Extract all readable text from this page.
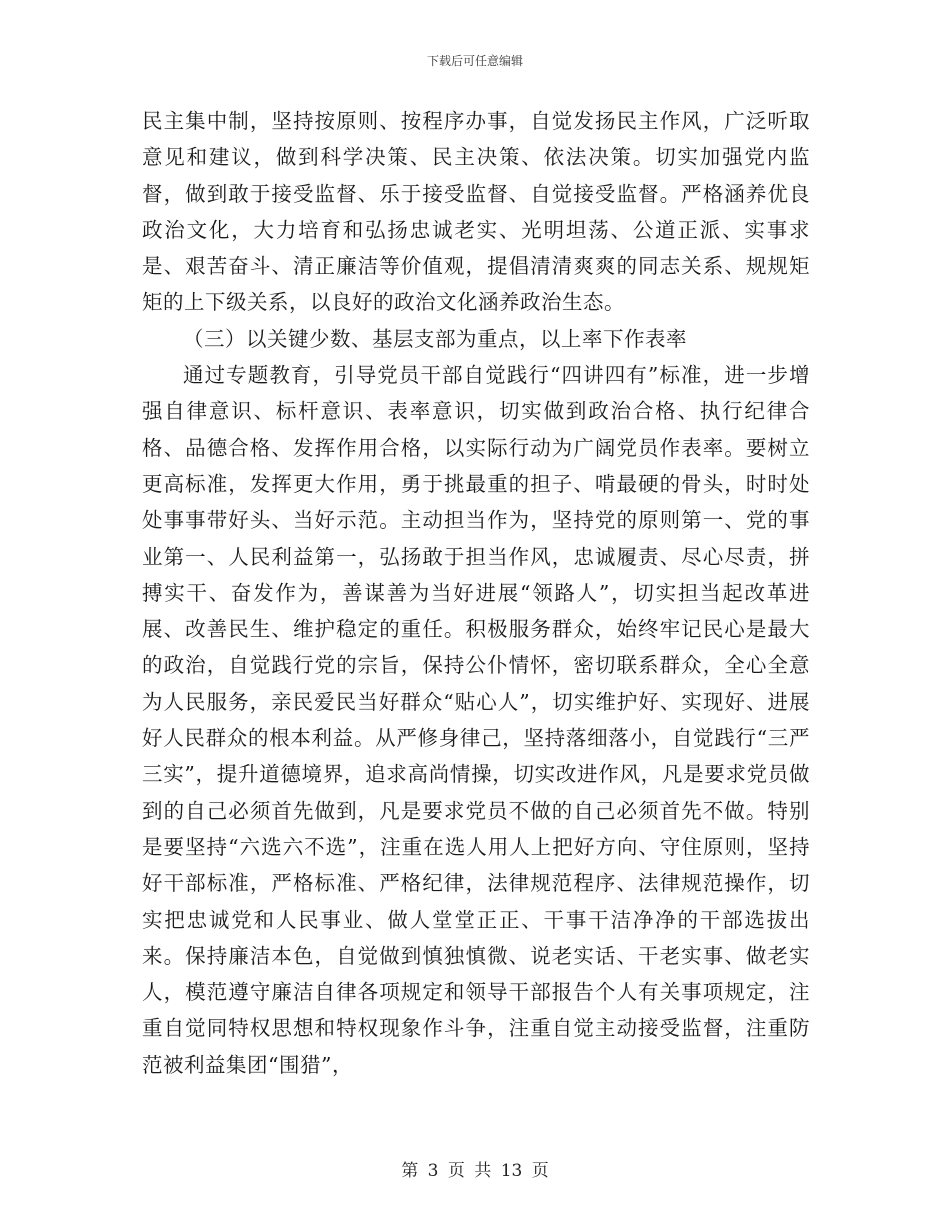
下载后可任意编辑

民主集中制，坚持按原则、按程序办事，自觉发扬民主作风，广泛听取意见和建议，做到科学决策、民主决策、依法决策。切实加强党内监督，做到敢于接受监督、乐于接受监督、自觉接受监督。严格涵养优良政治文化，大力培育和弘扬忠诚老实、光明坦荡、公道正派、实事求是、艰苦奋斗、清正廉洁等价值观，提倡清清爽爽的同志关系、规规矩矩的上下级关系，以良好的政治文化涵养政治生态。

（三）以关键少数、基层支部为重点，以上率下作表率

通过专题教育，引导党员干部自觉践行“四讲四有”标准，进一步增强自律意识、标杆意识、表率意识，切实做到政治合格、执行纪律合格、品德合格、发挥作用合格，以实际行动为广阔党员作表率。要树立更高标准，发挥更大作用，勇于挑最重的担子、啃最硬的骨头，时时处处事事带好头、当好示范。主动担当作为，坚持党的原则第一、党的事业第一、人民利益第一，弘扬敢于担当作风，忠诚履责、尽心尽责，拼搏实干、奋发作为，善谋善为当好进展“领路人”，切实担当起改革进展、改善民生、维护稳定的重任。积极服务群众，始终牢记民心是最大的政治，自觉践行党的宗旨，保持公仆情怀，密切联系群众，全心全意为人民服务，亲民爱民当好群众“贴心人”，切实维护好、实现好、进展好人民群众的根本利益。从严修身律己，坚持落细落小，自觉践行“三严三实”，提升道德境界，追求高尚情操，切实改进作风，凡是要求党员做到的自己必须首先做到，凡是要求党员不做的自己必须首先不做。特别是要坚持“六选六不选”，注重在选人用人上把好方向、守住原则，坚持好干部标准，严格标准、严格纪律，法律规范程序、法律规范操作，切实把忠诚党和人民事业、做人堂堂正正、干事干洁净净的干部选拔出来。保持廉洁本色，自觉做到慎独慎微、说老实话、干老实事、做老实人，模范遵守廉洁自律各项规定和领导干部报告个人有关事项规定，注重自觉同特权思想和特权现象作斗争，注重自觉主动接受监督，注重防范被利益集团“围猎”，

第 3 页 共 13 页
